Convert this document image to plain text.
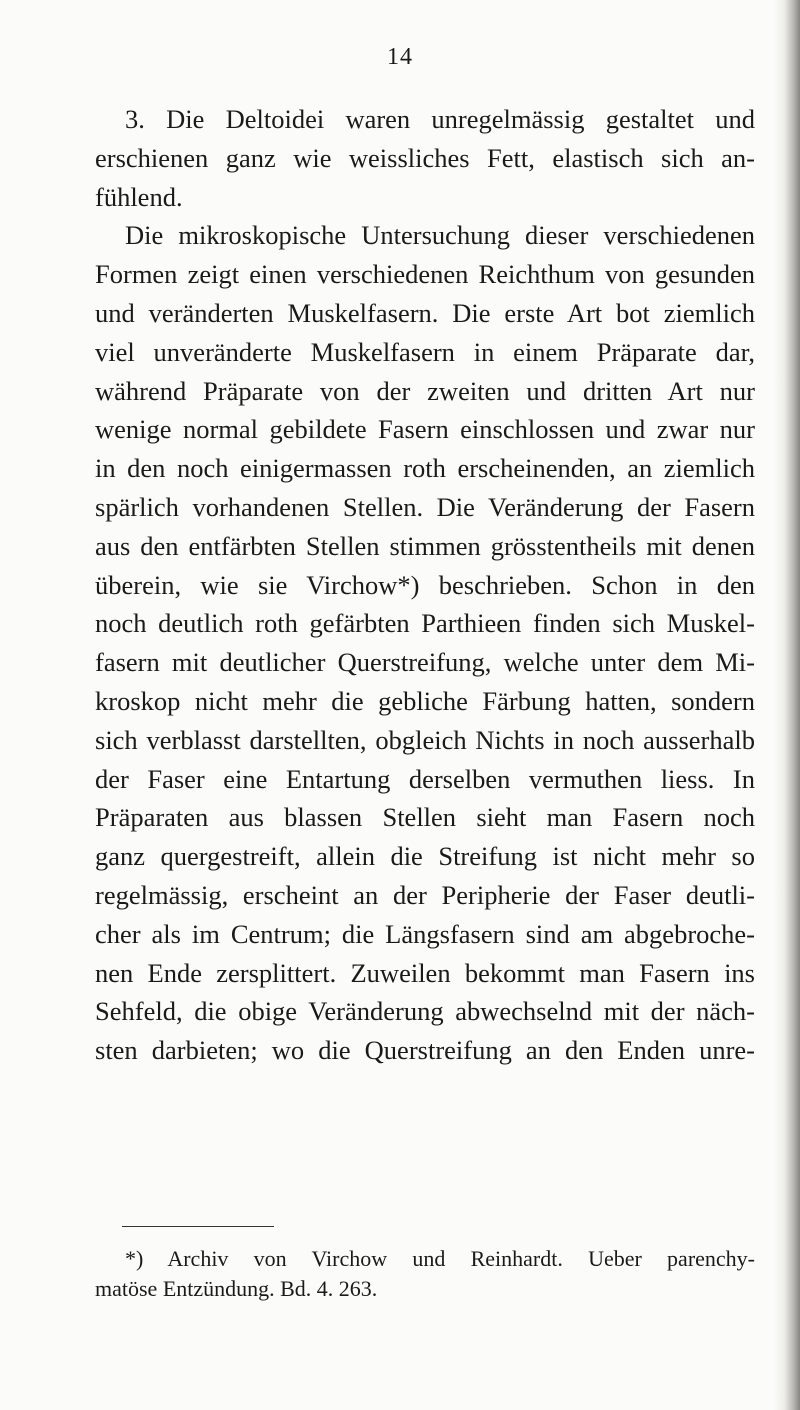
14
3. Die Deltoidei waren unregelmässig gestaltet und
erschienen ganz wie weissliches Fett, elastisch sich an-
fühlend.
Die mikroskopische Untersuchung dieser verschiedenen
Formen zeigt einen verschiedenen Reichthum von gesunden
und veränderten Muskelfasern. Die erste Art bot ziemlich
viel unveränderte Muskelfasern in einem Präparate dar,
während Präparate von der zweiten und dritten Art nur
wenige normal gebildete Fasern einschlossen und zwar nur
in den noch einigermassen roth erscheinenden, an ziemlich
spärlich vorhandenen Stellen. Die Veränderung der Fasern
aus den entfärbten Stellen stimmen grösstentheils mit denen
überein, wie sie Virchow*) beschrieben. Schon in den
noch deutlich roth gefärbten Parthieen finden sich Muskel-
fasern mit deutlicher Querstreifung, welche unter dem Mi-
kroskop nicht mehr die gebliche Färbung hatten, sondern
sich verblasst darstellten, obgleich Nichts in noch ausserhalb
der Faser eine Entartung derselben vermuthen liess. In
Präparaten aus blassen Stellen sieht man Fasern noch
ganz quergestreift, allein die Streifung ist nicht mehr so
regelmässig, erscheint an der Peripherie der Faser deutli-
cher als im Centrum; die Längsfasern sind am abgebroche-
nen Ende zersplittert. Zuweilen bekommt man Fasern ins
Sehfeld, die obige Veränderung abwechselnd mit der näch-
sten darbieten; wo die Querstreifung an den Enden unre-
*) Archiv von Virchow und Reinhardt. Ueber parenchy-
matöse Entzündung. Bd. 4. 263.
